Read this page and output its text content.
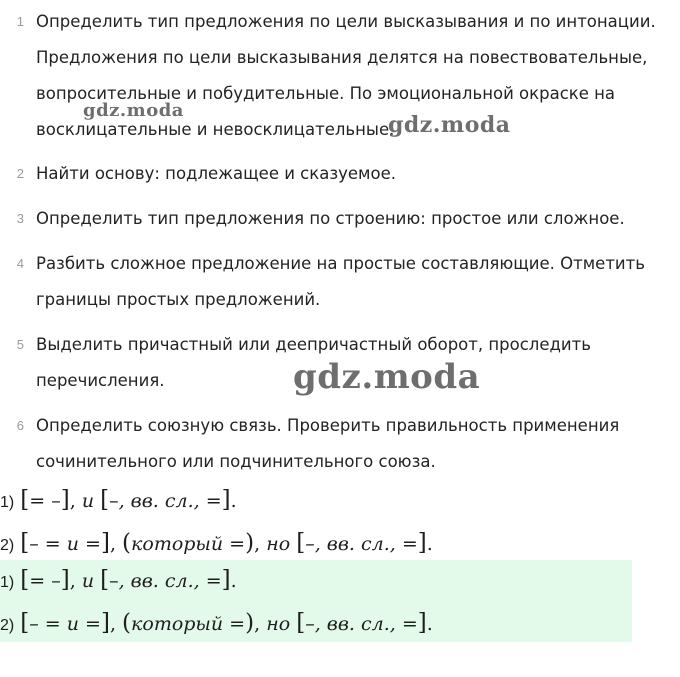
1 Определить тип предложения по цели высказывания и по интонации. Предложения по цели высказывания делятся на повествовательные, вопросительные и побудительные. По эмоциональной окраске на восклицательные и невосклицательные.
2 Найти основу: подлежащее и сказуемое.
3 Определить тип предложения по строению: простое или сложное.
4 Разбить сложное предложение на простые составляющие. Отметить границы простых предложений.
5 Выделить причастный или деепричастный оборот, проследить перечисления.
6 Определить союзную связь. Проверить правильность применения сочинительного или подчинительного союза.
gdz.moda
gdz.moda
gdz.moda
1) [= –], и [–, вв. сл., =].
2) [– = и =], (который =), но [–, вв. сл., =].
1) [= –], и [–, вв. сл., =].
2) [– = и =], (который =), но [–, вв. сл., =].
